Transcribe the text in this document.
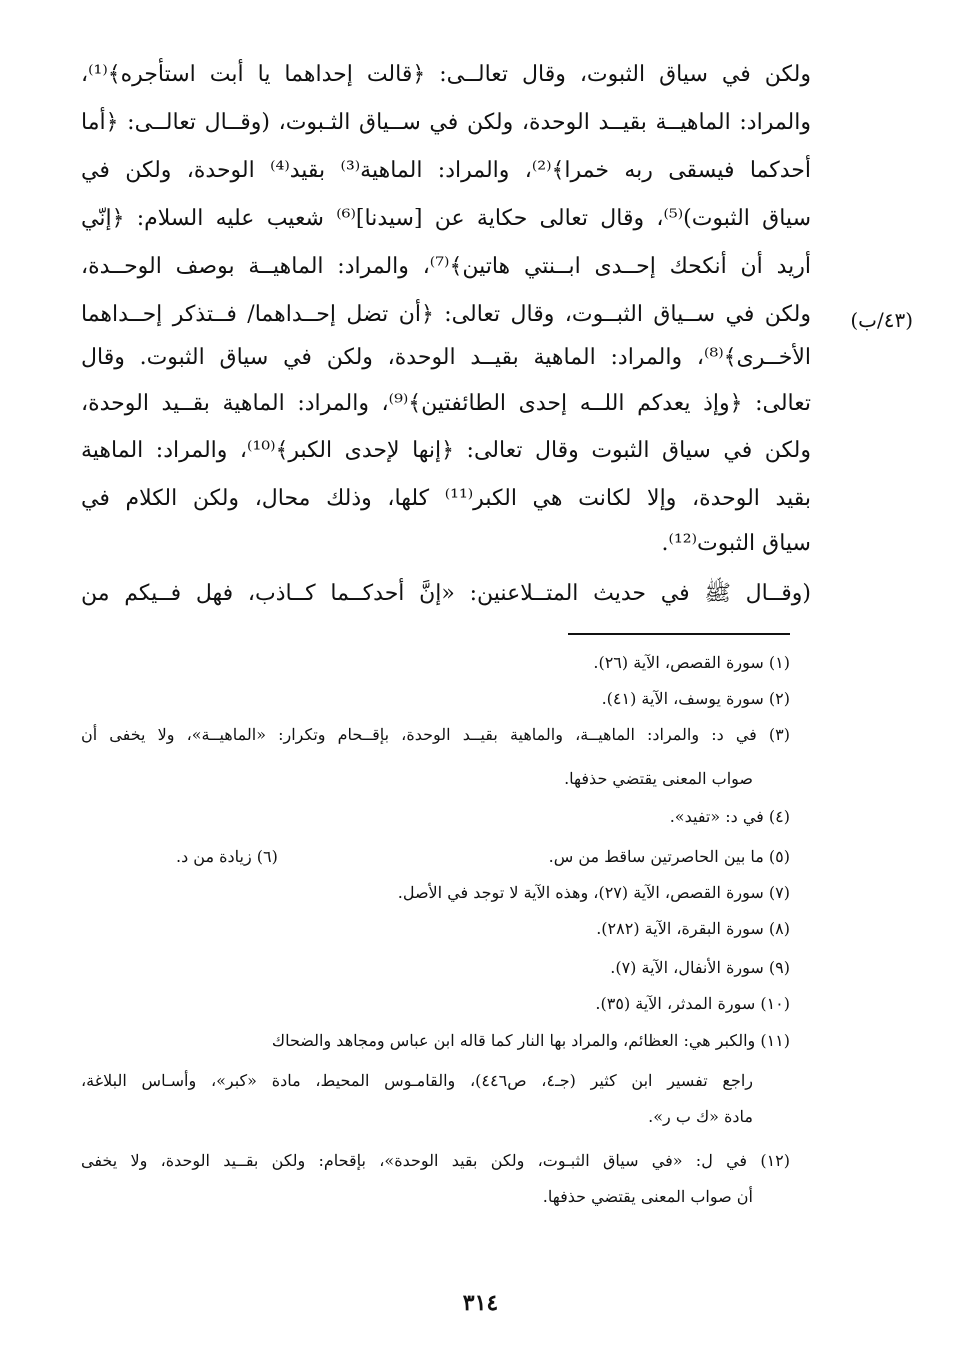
(٤٣/ب)
ولكن في سياق الثبوت، وقال تعالــى: ﴿قالت إحداهما يا أبت استأجره﴾⁽¹⁾،
والمراد: الماهيــة بقيــد الوحدة، ولكن في ســياق الثـبوت، (وقــال تعالــى: ﴿أما
أحدكما فيسقى ربه خمرا﴾⁽²⁾، والمراد: الماهية⁽³⁾ بقيد⁽⁴⁾ الوحدة، ولكن في
سياق الثبوت)⁽⁵⁾، وقال تعالى حكاية عن [سيدنا]⁽⁶⁾ شعيب عليه السلام: ﴿إنّي
أريد أن أنكحك إحــدى ابــنتي هاتين﴾⁽⁷⁾، والمراد: الماهيــة بوصف الوحــدة،
ولكن في ســياق الثبــوت، وقال تعالى: ﴿أن تضل إحــداهما/ فــتذكر إحــداهما
الأخــرى﴾⁽⁸⁾، والمراد: الماهية بقيــد الوحدة، ولكن في سياق الثبوت. وقال
تعالى: ﴿وإذ يعدكم اللــه إحدى الطائفتين﴾⁽⁹⁾، والمراد: الماهية بقــيد الوحدة،
ولكن في سياق الثبوت وقال تعالى: ﴿إنها لإحدى الكبر﴾⁽¹⁰⁾، والمراد: الماهية
بقيد الوحدة، وإلا لكانت هي الكبر⁽¹¹⁾ كلها، وذلك محال، ولكن الكلام في
سياق الثبوت⁽¹²⁾.
(وقــال ﷺ في حديث المتــلاعنين: «إنَّ أحدكــما كــاذب، فهل فــيكم من
(١) سورة القصص، الآية (٢٦).
(٢) سورة يوسف، الآية (٤١).
(٣) في د: والمراد: الماهيــة، والماهية بقيــد الوحدة، بإقــحام وتكرار: «الماهيــة»، ولا يخفى أن
صواب المعنى يقتضي حذفها.
(٤) في د: «تفيد».
(٥) ما بين الحاصرتين ساقط من س.
(٦) زيادة من د.
(٧) سورة القصص، الآية (٢٧)، وهذه الآية لا توجد في الأصل.
(٨) سورة البقرة، الآية (٢٨٢).
(٩) سورة الأنفال، الآية (٧).
(١٠) سورة المدثر، الآية (٣٥).
(١١) والكبر هي: العظائم، والمراد بها النار كما قاله ابن عباس ومجاهد والضحاك
راجع تفسير ابن كثير (جـ٤، ص٤٤٦)، والقامـوس المحيط، مادة «كبر»، وأسـاس البلاغة،
مادة «ك ب ر».
(١٢) في ل: «في سياق الثبـوت، ولكن بقيد الوحدة»، بإقحام: ولكن بقــيد الوحدة، ولا يخفى
أن صواب المعنى يقتضي حذفها.
٣١٤
